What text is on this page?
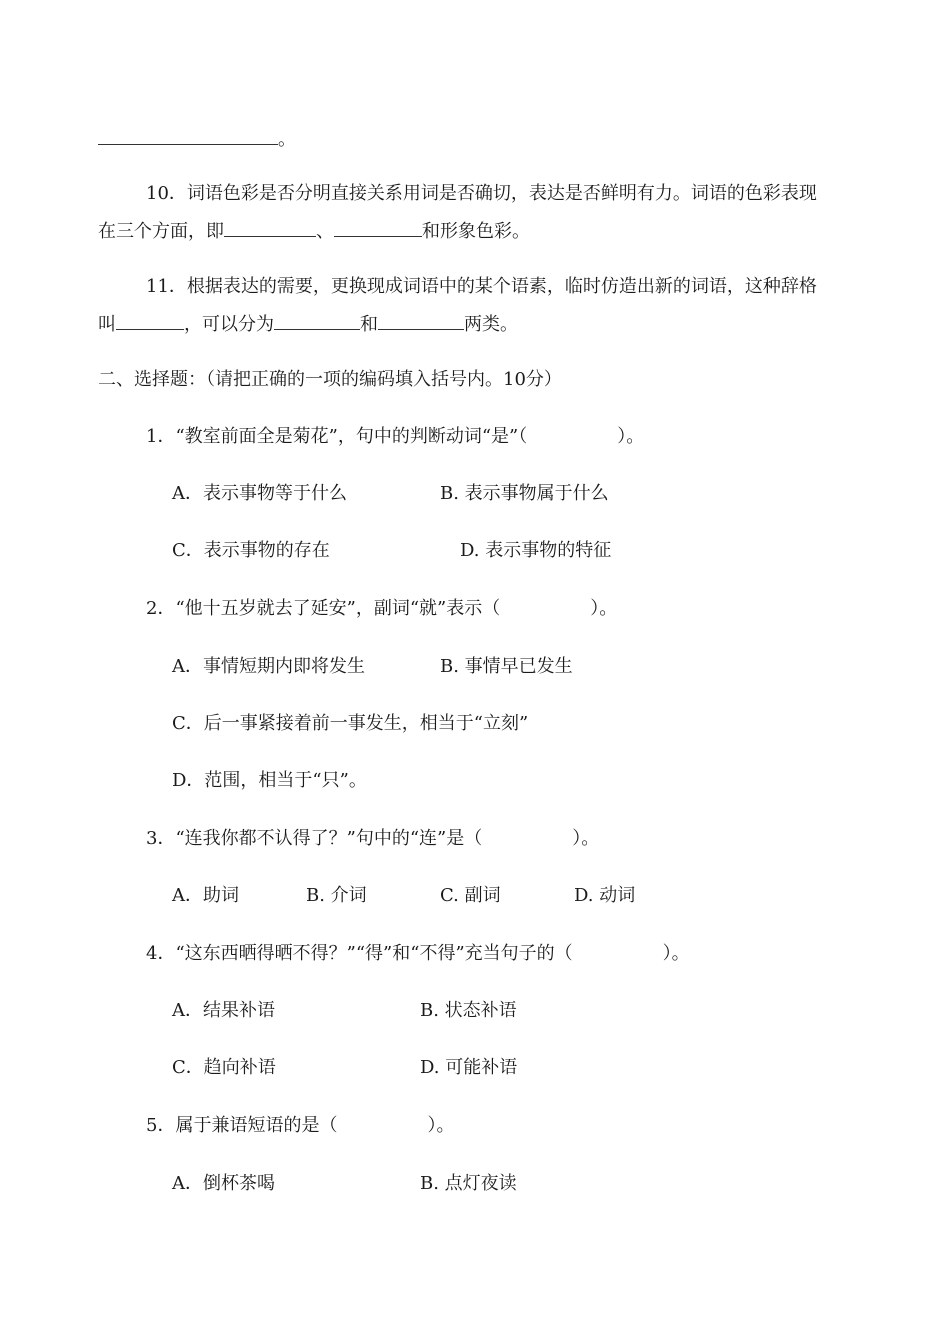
。
10．词语色彩是否分明直接关系用词是否确切，表达是否鲜明有力。词语的色彩表现
在三个方面，即	、	和形象色彩。
11．根据表达的需要，更换现成词语中的某个语素，临时仿造出新的词语，这种辞格
叫	，可以分为	和	两类。
二、选择题：（请把正确的一项的编码填入括号内。10分）
1．“教室前面全是菊花”，句中的判断动词“是”（　　　　　）。
A．表示事物等于什么	B. 表示事物属于什么
C．表示事物的存在	D. 表示事物的特征
2．“他十五岁就去了延安”，副词“就”表示（　　　　　）。
A．事情短期内即将发生	B. 事情早已发生
C．后一事紧接着前一事发生，相当于“立刻”
D．范围，相当于“只”。
3．“连我你都不认得了？”句中的“连”是（　　　　　）。
A．助词	B. 介词	C. 副词	D. 动词
4．“这东西晒得晒不得？”“得”和“不得”充当句子的（　　　　　）。
A．结果补语	B. 状态补语
C．趋向补语	D. 可能补语
5．属于兼语短语的是（　　　　　）。
A．倒杯茶喝	B. 点灯夜读
